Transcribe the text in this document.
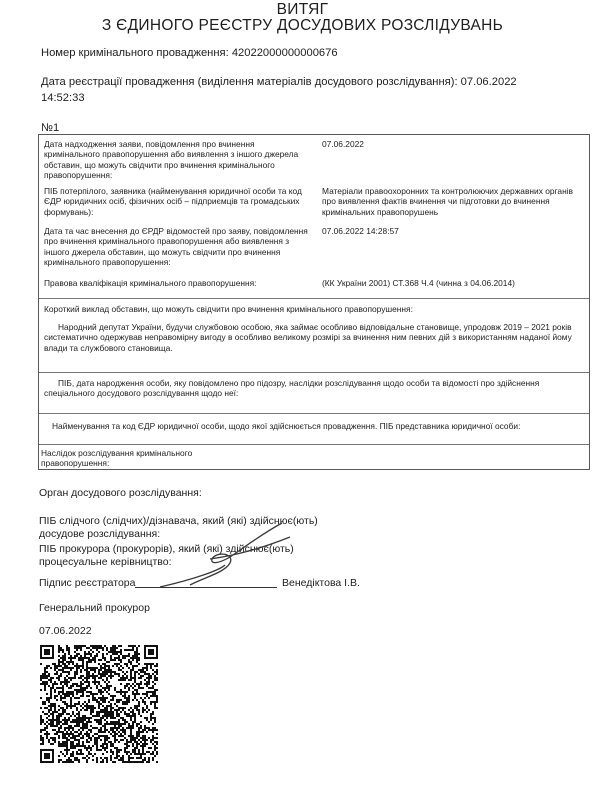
ВИТЯГ
З ЄДИНОГО РЕЄСТРУ ДОСУДОВИХ РОЗСЛІДУВАНЬ
Номер кримінального провадження: 42022000000000676
Дата реєстрації провадження (виділення матеріалів досудового розслідування): 07.06.2022
14:52:33
№1
Дата надходження заяви, повідомлення про вчинення кримінального правопорушення або виявлення з іншого джерела обставин, що можуть свідчити про вчинення кримінального правопорушення:
07.06.2022
ПІБ потерпілого, заявника (найменування юридичної особи та код ЄДР юридичних осіб, фізичних осіб – підприємців та громадських формувань):
Матеріали правоохоронних та контролюючих державних органів про виявлення фактів вчинення чи підготовки до вчинення кримінальних правопорушень
Дата та час внесення до ЄРДР відомостей про заяву, повідомлення про вчинення кримінального правопорушення або виявлення з іншого джерела обставин, що можуть свідчити про вчинення кримінального правопорушення:
07.06.2022 14:28:57
Правова кваліфікація кримінального правопорушення:	(КК України 2001) СТ.368 Ч.4 (чинна з 04.06.2014)
Короткий виклад обставин, що можуть свідчити про вчинення кримінального правопорушення:
Народний депутат України, будучи службовою особою, яка займає особливо відповідальне становище, упродовж 2019 – 2021 років систематично одержував неправомірну вигоду в особливо великому розмірі за вчинення ним певних дій з використанням наданої йому влади та службового становища.
ПІБ, дата народження особи, яку повідомлено про підозру, наслідки розслідування щодо особи та відомості про здійснення спеціального досудового розслідування щодо неї:
Найменування та код ЄДР юридичної особи, щодо якої здійснюється провадження. ПІБ представника юридичної особи:
Наслідок розслідування кримінального правопорушення:
Орган досудового розслідування:
ПІБ слідчого (слідчих)/дізнавача, який (які) здійснює(ють) досудове розслідування:
ПІБ прокурора (прокурорів), який (які) здійснює(ють) процесуальне керівництво:
Підпис реєстратора	Венедіктова І.В.
Генеральний прокурор
07.06.2022
